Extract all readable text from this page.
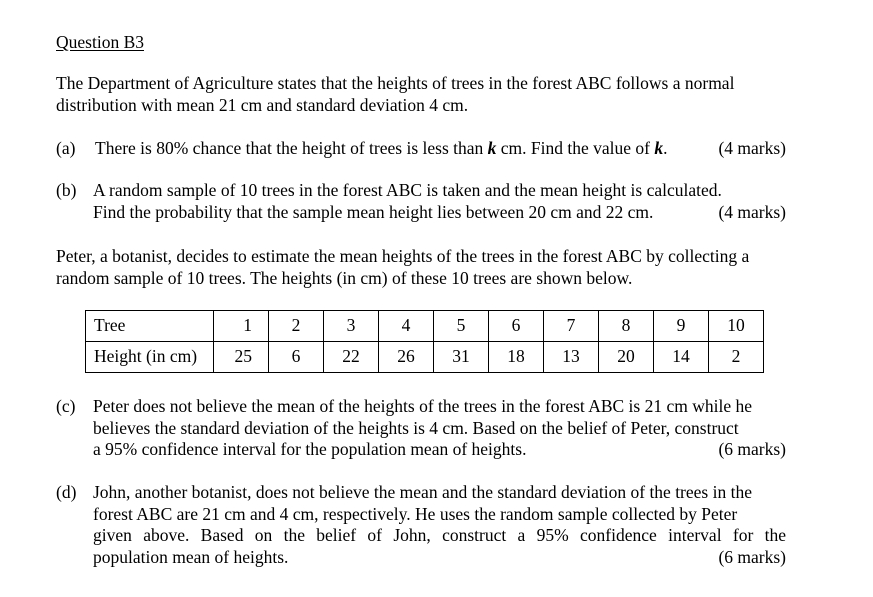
Question B3
The Department of Agriculture states that the heights of trees in the forest ABC follows a normal
distribution with mean 21 cm and standard deviation 4 cm.
(a) There is 80% chance that the height of trees is less than k cm. Find the value of k.	(4 marks)
(b) A random sample of 10 trees in the forest ABC is taken and the mean height is calculated.
Find the probability that the sample mean height lies between 20 cm and 22 cm.	(4 marks)
Peter, a botanist, decides to estimate the mean heights of the trees in the forest ABC by collecting a
random sample of 10 trees. The heights (in cm) of these 10 trees are shown below.
Tree	1	2	3	4	5	6	7	8	9	10
Height (in cm)	25	6	22	26	31	18	13	20	14	2
(c) Peter does not believe the mean of the heights of the trees in the forest ABC is 21 cm while he
believes the standard deviation of the heights is 4 cm. Based on the belief of Peter, construct
a 95% confidence interval for the population mean of heights.	(6 marks)
(d) John, another botanist, does not believe the mean and the standard deviation of the trees in the
forest ABC are 21 cm and 4 cm, respectively. He uses the random sample collected by Peter
given above. Based on the belief of John, construct a 95% confidence interval for the
population mean of heights.	(6 marks)
